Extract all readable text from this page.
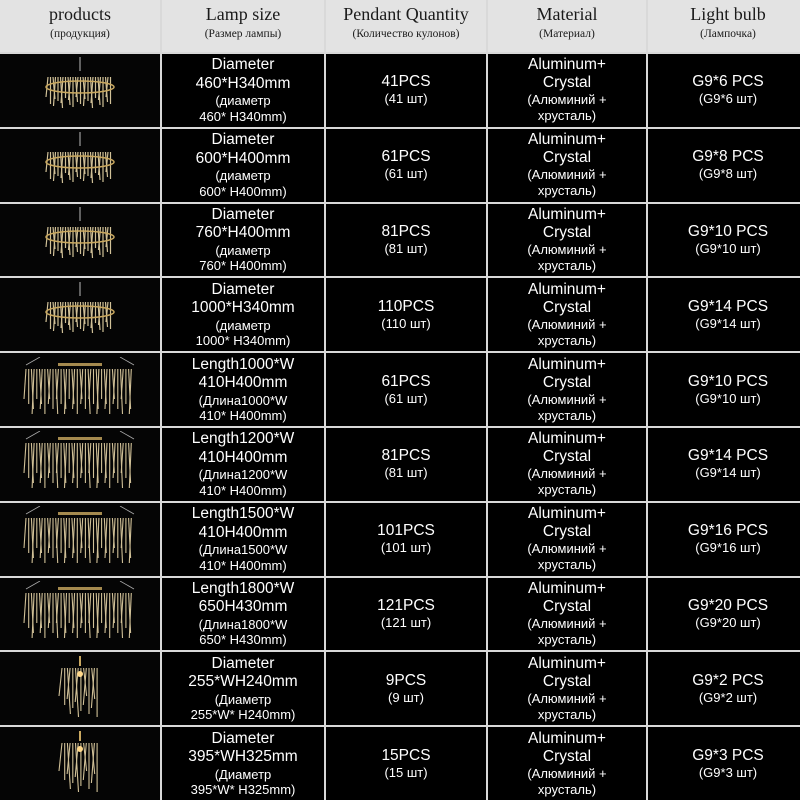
products
(продукция)
Lamp size
(Размер лампы)
Pendant Quantity
(Количество кулонов)
Material
(Материал)
Light bulb
(Лампочка)
Diameter
460*H340mm
(диаметр
460* H340mm)
41PCS
(41 шт)
Aluminum+
Crystal
(Алюминий +
хрусталь)
G9*6 PCS
(G9*6 шт)
Diameter
600*H400mm
(диаметр
600* H400mm)
61PCS
(61 шт)
Aluminum+
Crystal
(Алюминий +
хрусталь)
G9*8 PCS
(G9*8 шт)
Diameter
760*H400mm
(диаметр
760* H400mm)
81PCS
(81 шт)
Aluminum+
Crystal
(Алюминий +
хрусталь)
G9*10 PCS
(G9*10 шт)
Diameter
1000*H340mm
(диаметр
1000* H340mm)
110PCS
(110 шт)
Aluminum+
Crystal
(Алюминий +
хрусталь)
G9*14 PCS
(G9*14 шт)
Length1000*W
410H400mm
(Длина1000*W
410* H400mm)
61PCS
(61 шт)
Aluminum+
Crystal
(Алюминий +
хрусталь)
G9*10 PCS
(G9*10 шт)
Length1200*W
410H400mm
(Длина1200*W
410* H400mm)
81PCS
(81 шт)
Aluminum+
Crystal
(Алюминий +
хрусталь)
G9*14 PCS
(G9*14 шт)
Length1500*W
410H400mm
(Длина1500*W
410* H400mm)
101PCS
(101 шт)
Aluminum+
Crystal
(Алюминий +
хрусталь)
G9*16 PCS
(G9*16 шт)
Length1800*W
650H430mm
(Длина1800*W
650* H430mm)
121PCS
(121 шт)
Aluminum+
Crystal
(Алюминий +
хрусталь)
G9*20 PCS
(G9*20 шт)
Diameter
255*WH240mm
(Диаметр
255*W* H240mm)
9PCS
(9 шт)
Aluminum+
Crystal
(Алюминий +
хрусталь)
G9*2 PCS
(G9*2 шт)
Diameter
395*WH325mm
(Диаметр
395*W* H325mm)
15PCS
(15 шт)
Aluminum+
Crystal
(Алюминий +
хрусталь)
G9*3 PCS
(G9*3 шт)
